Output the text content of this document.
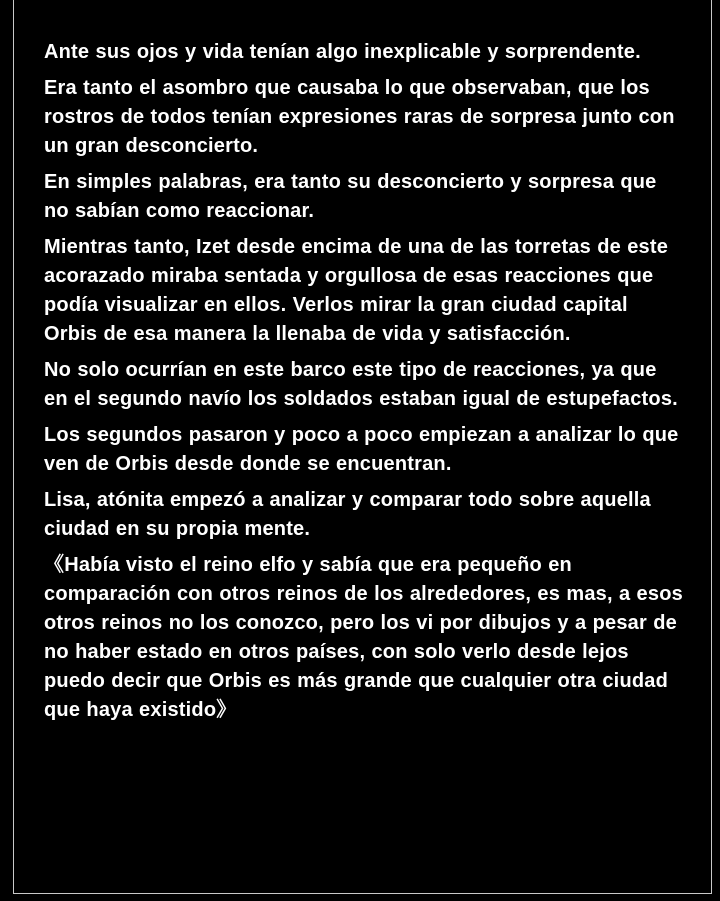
Ante sus ojos y vida tenían algo inexplicable y sorprendente.

Era tanto el asombro que causaba lo que observaban, que los rostros de todos tenían expresiones raras de sorpresa junto con un gran desconcierto.

En simples palabras, era tanto su desconcierto y sorpresa que no sabían como reaccionar.

Mientras tanto, Izet desde encima de una de las torretas de este acorazado miraba sentada y orgullosa de esas reacciones que podía visualizar en ellos. Verlos mirar la gran ciudad capital Orbis de esa manera la llenaba de vida y satisfacción.

No solo ocurrían en este barco este tipo de reacciones, ya que en el segundo navío los soldados estaban igual de estupefactos.

Los segundos pasaron y poco a poco empiezan a analizar lo que ven de Orbis desde donde se encuentran.

Lisa, atónita empezó a analizar y comparar todo sobre aquella ciudad en su propia mente.

《Había visto el reino elfo y sabía que era pequeño en comparación con otros reinos de los alrededores, es mas, a esos otros reinos no los conozco, pero los vi por dibujos y a pesar de no haber estado en otros países, con solo verlo desde lejos puedo decir que Orbis es más grande que cualquier otra ciudad que haya existido》
